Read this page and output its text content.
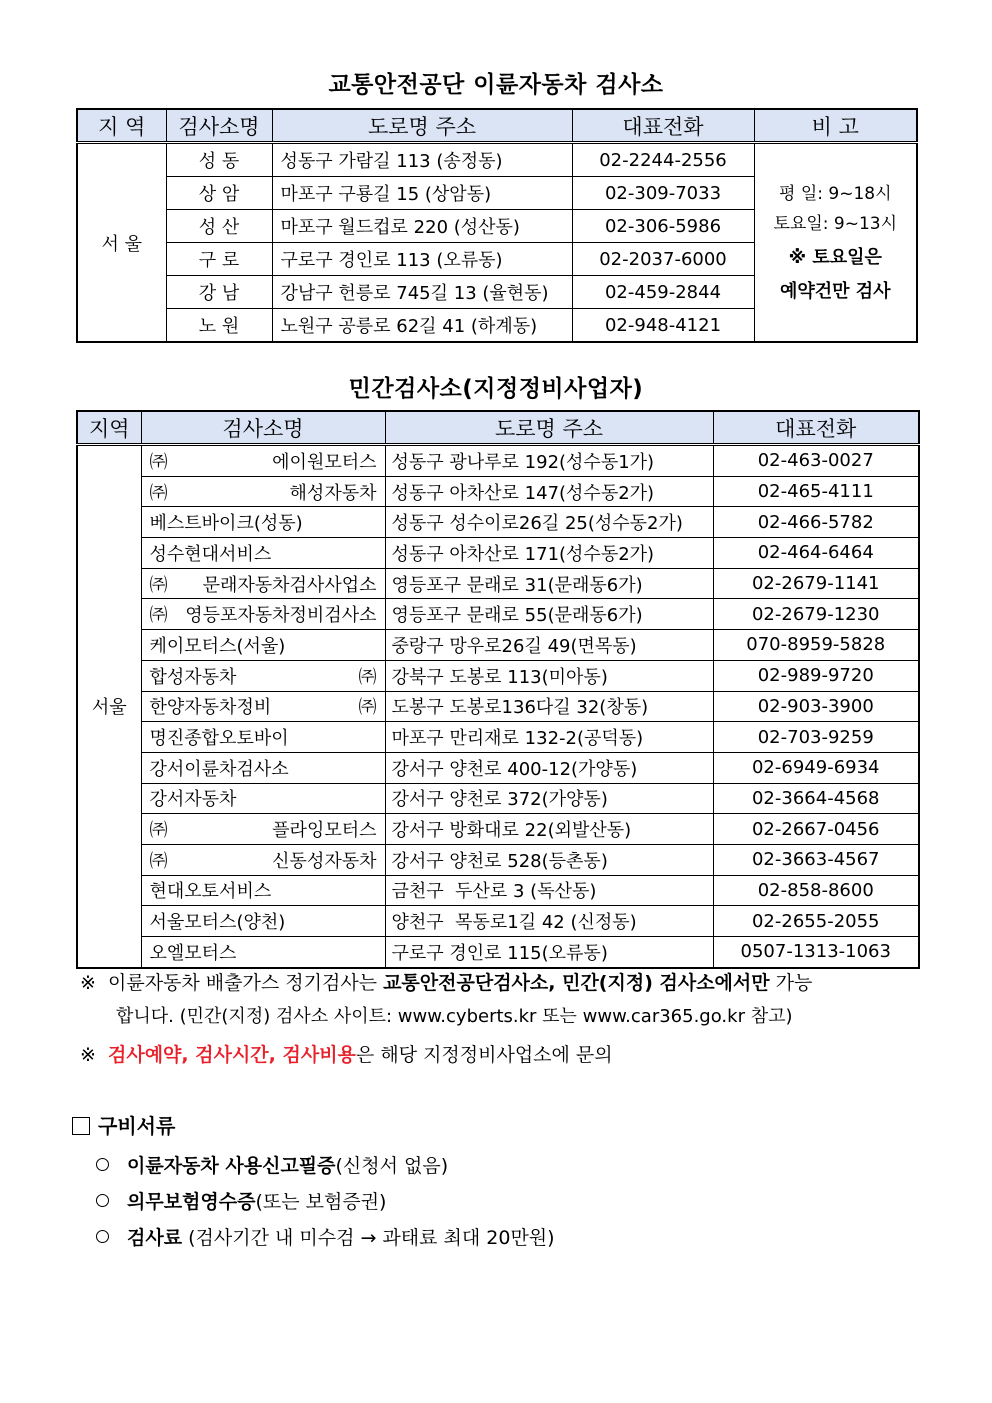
교통안전공단 이륜자동차 검사소
지 역	검사소명	도로명 주소	대표전화	비 고
서 울	성 동	성동구 가람길 113 (송정동)	02-2244-2556	평 일: 9~18시
토요일: 9~13시
※ 토요일은
예약건만 검사

	상 암	마포구 구룡길 15 (상암동)	02-309-7033	
	성 산	마포구 월드컵로 220 (성산동)	02-306-5986	
	구 로	구로구 경인로 113 (오류동)	02-2037-6000	
	강 남	강남구 헌릉로 745길 13 (율현동)	02-459-2844	
	노 원	노원구 공릉로 62길 41 (하계동)	02-948-4121	
민간검사소(지정정비사업자)
지역	검사소명	도로명 주소	대표전화
서울	㈜에이원모터스	성동구 광나루로 192(성수동1가)	02-463-0027
	㈜해성자동차	성동구 아차산로 147(성수동2가)	02-465-4111
	베스트바이크(성동)	성동구 성수이로26길 25(성수동2가)	02-466-5782
	성수현대서비스	성동구 아차산로 171(성수동2가)	02-464-6464
	㈜문래자동차검사사업소	영등포구 문래로 31(문래동6가)	02-2679-1141
	㈜영등포자동차정비검사소	영등포구 문래로 55(문래동6가)	02-2679-1230
	케이모터스(서울)	중랑구 망우로26길 49(면목동)	070-8959-5828
	합성자동차㈜	강북구 도봉로 113(미아동)	02-989-9720
	한양자동차정비㈜	도봉구 도봉로136다길 32(창동)	02-903-3900
	명진종합오토바이	마포구 만리재로 132-2(공덕동)	02-703-9259
	강서이륜차검사소	강서구 양천로 400-12(가양동)	02-6949-6934
	강서자동차	강서구 양천로 372(가양동)	02-3664-4568
	㈜플라잉모터스	강서구 방화대로 22(외발산동)	02-2667-0456
	㈜신동성자동차	강서구 양천로 528(등촌동)	02-3663-4567
	현대오토서비스	금천구  두산로 3 (독산동)	02-858-8600
	서울모터스(양천)	양천구  목동로1길 42 (신정동)	02-2655-2055
	오엘모터스	구로구 경인로 115(오류동)	0507-1313-1063
※  이륜자동차 배출가스 정기검사는 교통안전공단검사소, 민간(지정) 검사소에서만 가능
합니다. (민간(지정) 검사소 사이트: www.cyberts.kr 또는 www.car365.go.kr 참고)
※  검사예약, 검사시간, 검사비용은 해당 지정정비사업소에 문의
구비서류
이륜자동차 사용신고필증(신청서 없음)
의무보험영수증(또는 보험증권)
검사료 (검사기간 내 미수검 → 과태료 최대 20만원)
